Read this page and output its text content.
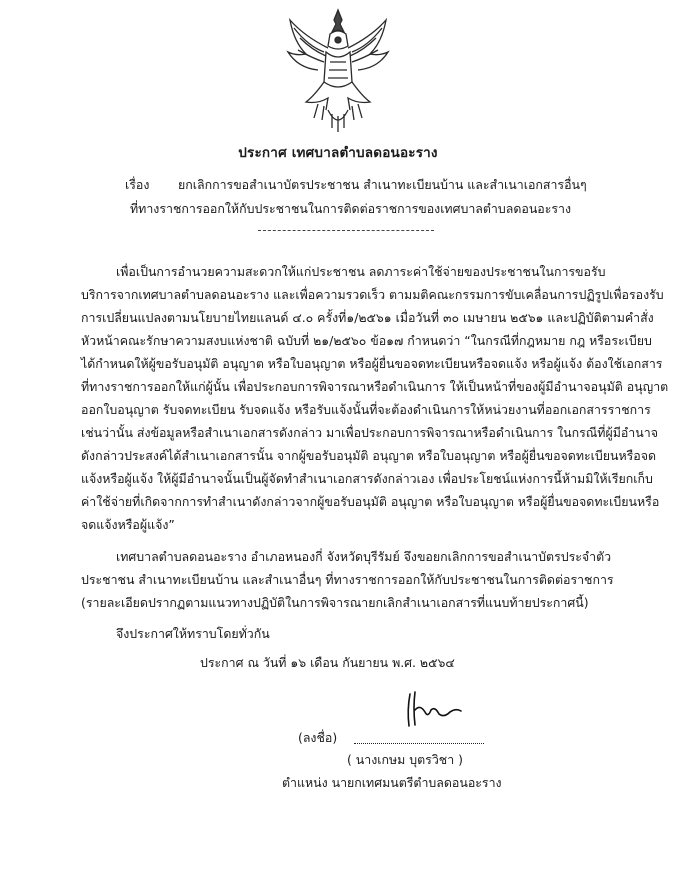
ประกาศ เทศบาลตำบลดอนอะราง
เรื่อง ยกเลิกการขอสำเนาบัตรประชาชน สำเนาทะเบียนบ้าน และสำเนาเอกสารอื่นๆ
ที่ทางราชการออกให้กับประชาชนในการติดต่อราชการของเทศบาลตำบลดอนอะราง
เพื่อเป็นการอำนวยความสะดวกให้แก่ประชาชน ลดภาระค่าใช้จ่ายของประชาชนในการขอรับ
บริการจากเทศบาลตำบลดอนอะราง และเพื่อความรวดเร็ว ตามมติคณะกรรมการขับเคลื่อนการปฏิรูปเพื่อรองรับ
การเปลี่ยนแปลงตามนโยบายไทยแลนด์ ๔.๐ ครั้งที่๑/๒๕๖๑ เมื่อวันที่ ๓๐ เมษายน ๒๕๖๑ และปฏิบัติตามคำสั่ง
หัวหน้าคณะรักษาความสงบแห่งชาติ ฉบับที่ ๒๑/๒๕๖๐ ข้อ๑๗ กำหนดว่า “ในกรณีที่กฎหมาย กฎ หรือระเบียบ
ได้กำหนดให้ผู้ขอรับอนุมัติ อนุญาต หรือใบอนุญาต หรือผู้ยื่นขอจดทะเบียนหรือจดแจ้ง หรือผู้แจ้ง ต้องใช้เอกสาร
ที่ทางราชการออกให้แก่ผู้นั้น เพื่อประกอบการพิจารณาหรือดำเนินการ ให้เป็นหน้าที่ของผู้มีอำนาจอนุมัติ อนุญาต
ออกใบอนุญาต รับจดทะเบียน รับจดแจ้ง หรือรับแจ้งนั้นที่จะต้องดำเนินการให้หน่วยงานที่ออกเอกสารราชการ
เช่นว่านั้น ส่งข้อมูลหรือสำเนาเอกสารดังกล่าว มาเพื่อประกอบการพิจารณาหรือดำเนินการ ในกรณีที่ผู้มีอำนาจ
ดังกล่าวประสงค์ได้สำเนาเอกสารนั้น จากผู้ขอรับอนุมัติ อนุญาต หรือใบอนุญาต หรือผู้ยื่นขอจดทะเบียนหรือจด
แจ้งหรือผู้แจ้ง ให้ผู้มีอำนาจนั้นเป็นผู้จัดทำสำเนาเอกสารดังกล่าวเอง เพื่อประโยชน์แห่งการนี้ห้ามมิให้เรียกเก็บ
ค่าใช้จ่ายที่เกิดจากการทำสำเนาดังกล่าวจากผู้ขอรับอนุมัติ อนุญาต หรือใบอนุญาต หรือผู้ยื่นขอจดทะเบียนหรือ
จดแจ้งหรือผู้แจ้ง”
เทศบาลตำบลดอนอะราง อำเภอหนองกี่ จังหวัดบุรีรัมย์ จึงขอยกเลิกการขอสำเนาบัตรประจำตัว
ประชาชน สำเนาทะเบียนบ้าน และสำเนาอื่นๆ ที่ทางราชการออกให้กับประชาชนในการติดต่อราชการ
(รายละเอียดปรากฏตามแนวทางปฏิบัติในการพิจารณายกเลิกสำเนาเอกสารที่แนบท้ายประกาศนี้)
จึงประกาศให้ทราบโดยทั่วกัน
ประกาศ ณ วันที่ ๑๖ เดือน กันยายน พ.ศ. ๒๕๖๔
(ลงชื่อ)
( นางเกษม บุตรวิชา )
ตำแหน่ง นายกเทศมนตรีตำบลดอนอะราง
